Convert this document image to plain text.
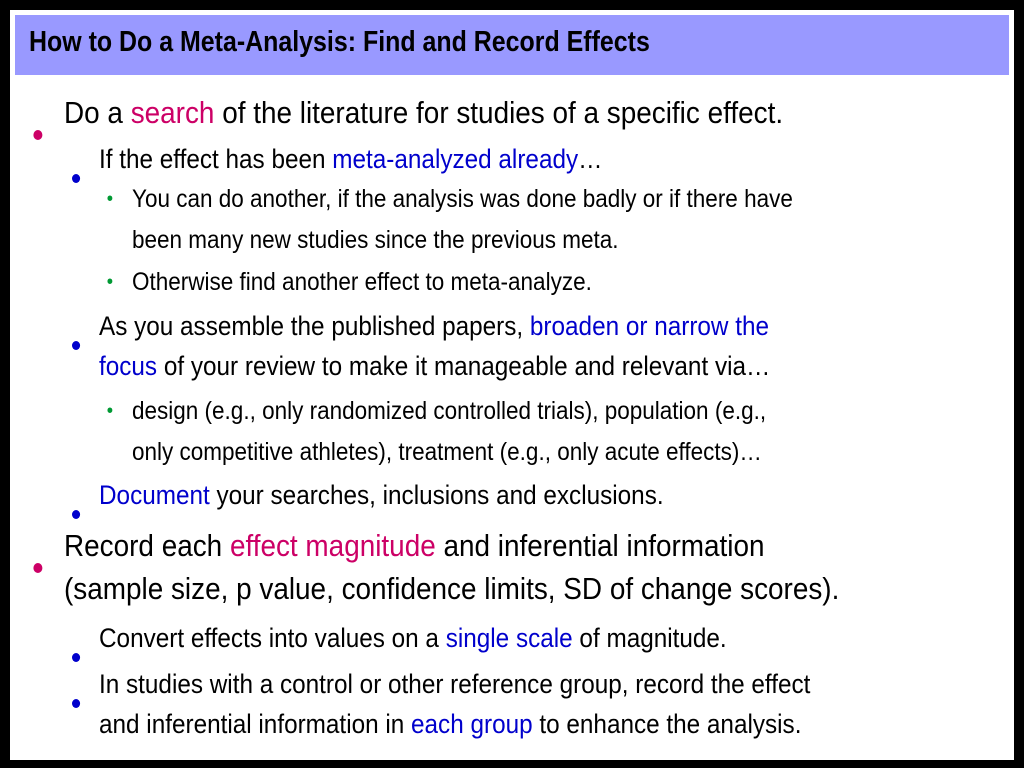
How to Do a Meta-Analysis: Find and Record Effects
Do a search of the literature for studies of a specific effect.
If the effect has been meta-analyzed already…
• You can do another, if the analysis was done badly or if there have
been many new studies since the previous meta.
• Otherwise find another effect to meta-analyze.
As you assemble the published papers, broaden or narrow the
focus of your review to make it manageable and relevant via…
• design (e.g., only randomized controlled trials), population (e.g.,
only competitive athletes), treatment (e.g., only acute effects)…
Document your searches, inclusions and exclusions.
Record each effect magnitude and inferential information
(sample size, p value, confidence limits, SD of change scores).
Convert effects into values on a single scale of magnitude.
In studies with a control or other reference group, record the effect
and inferential information in each group to enhance the analysis.
